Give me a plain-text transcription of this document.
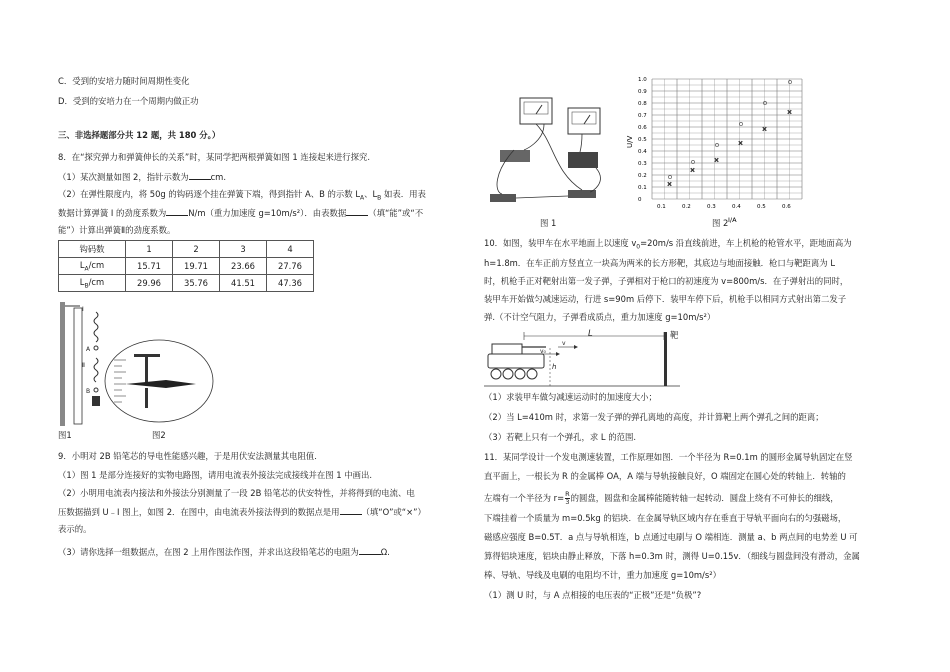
C．受到的安培力随时间周期性变化
D．受到的安培力在一个周期内做正功
三、非选择题部分共 12 题，共 180 分。）
8．在“探究弹力和弹簧伸长的关系”时，某同学把两根弹簧如图 1 连接起来进行探究.
（1）某次测量如图 2，指针示数为	cm.
（2）在弹性限度内，将 50g 的钩码逐个挂在弹簧下端，得到指针 A、B 的示数 $L_A$、$L_B$ 如表．用表
数据计算弹簧 I 的劲度系数为	N/m（重力加速度 g=10m/s²）．由表数据	（填“能”或“不
能”）计算出弹簧Ⅱ的劲度系数。
钩码数	1	2	3	4
$L_A/cm$	15.71	19.71	23.66	27.76
$L_B/cm$	29.96	35.76	41.51	47.36
I
A
Ⅱ
B
图1	图2
9．小明对 2B 铅笔芯的导电性能感兴趣，于是用伏安法测量其电阻值．
（1）图 1 是部分连接好的实物电路图，请用电流表外接法完成接线并在图 1 中画出.
（2）小明用电流表内接法和外接法分别测量了一段 2B 铅笔芯的伏安特性，并将得到的电流、电
压数据描到 U﹣I 图上，如图 2．在图中，由电流表外接法得到的数据点是用	（填“O”或“×”）
表示的。
（3）请你选择一组数据点，在图 2 上用作图法作图，并求出这段铅笔芯的电阻为	Ω.
图 1
1.0
0.9
0.8
0.7
0.6
0.5
0.4
0.3
0.2
0.1
0
0.1	0.2	0.3	0.4	0.5	0.6
U/V
I/A
×
×
×
×
×
×
图 2
10．如图，装甲车在水平地面上以速度 $v_0=20m/s$ 沿直线前进，车上机枪的枪管水平，距地面高为
h=1.8m．在车正前方竖直立一块高为两米的长方形靶，其底边与地面接触．枪口与靶距离为 L
时，机枪手正对靶射出第一发子弹，子弹相对于枪口的初速度为 v=800m/s．在子弹射出的同时，
装甲车开始做匀减速运动，行进 s=90m 后停下．装甲车停下后，机枪手以相同方式射出第二发子
弹.（不计空气阻力，子弹看成质点，重力加速度 g=10m/s²）
L	靶
v
v₀
h
（1）求装甲车做匀减速运动时的加速度大小；
（2）当 L=410m 时，求第一发子弹的弹孔离地的高度，并计算靶上两个弹孔之间的距离；
（3）若靶上只有一个弹孔，求 L 的范围.
11．某同学设计一个发电测速装置，工作原理如图．一个半径为 R=0.1m 的圆形金属导轨固定在竖
直平面上，一根长为 R 的金属棒 OA，A 端与导轨接触良好，O 端固定在圆心处的转轴上．转轴的
左端有一个半径为 $r= \frac{R}{3}$ 的圆盘，圆盘和金属棒能随转轴一起转动．圆盘上绕有不可伸长的细线，
下端挂着一个质量为 m=0.5kg 的铝块．在金属导轨区域内存在垂直于导轨平面向右的匀强磁场，
磁感应强度 B=0.5T．a 点与导轨相连，b 点通过电刷与 O 端相连．测量 a、b 两点间的电势差 U 可
算得铝块速度，铝块由静止释放，下落 h=0.3m 时，测得 U=0.15v．（细线与圆盘间没有滑动，金属
棒、导轨、导线及电刷的电阻均不计，重力加速度 g=10m/s²）
（1）测 U 时，与 A 点相接的电压表的“正极”还是“负极”?
